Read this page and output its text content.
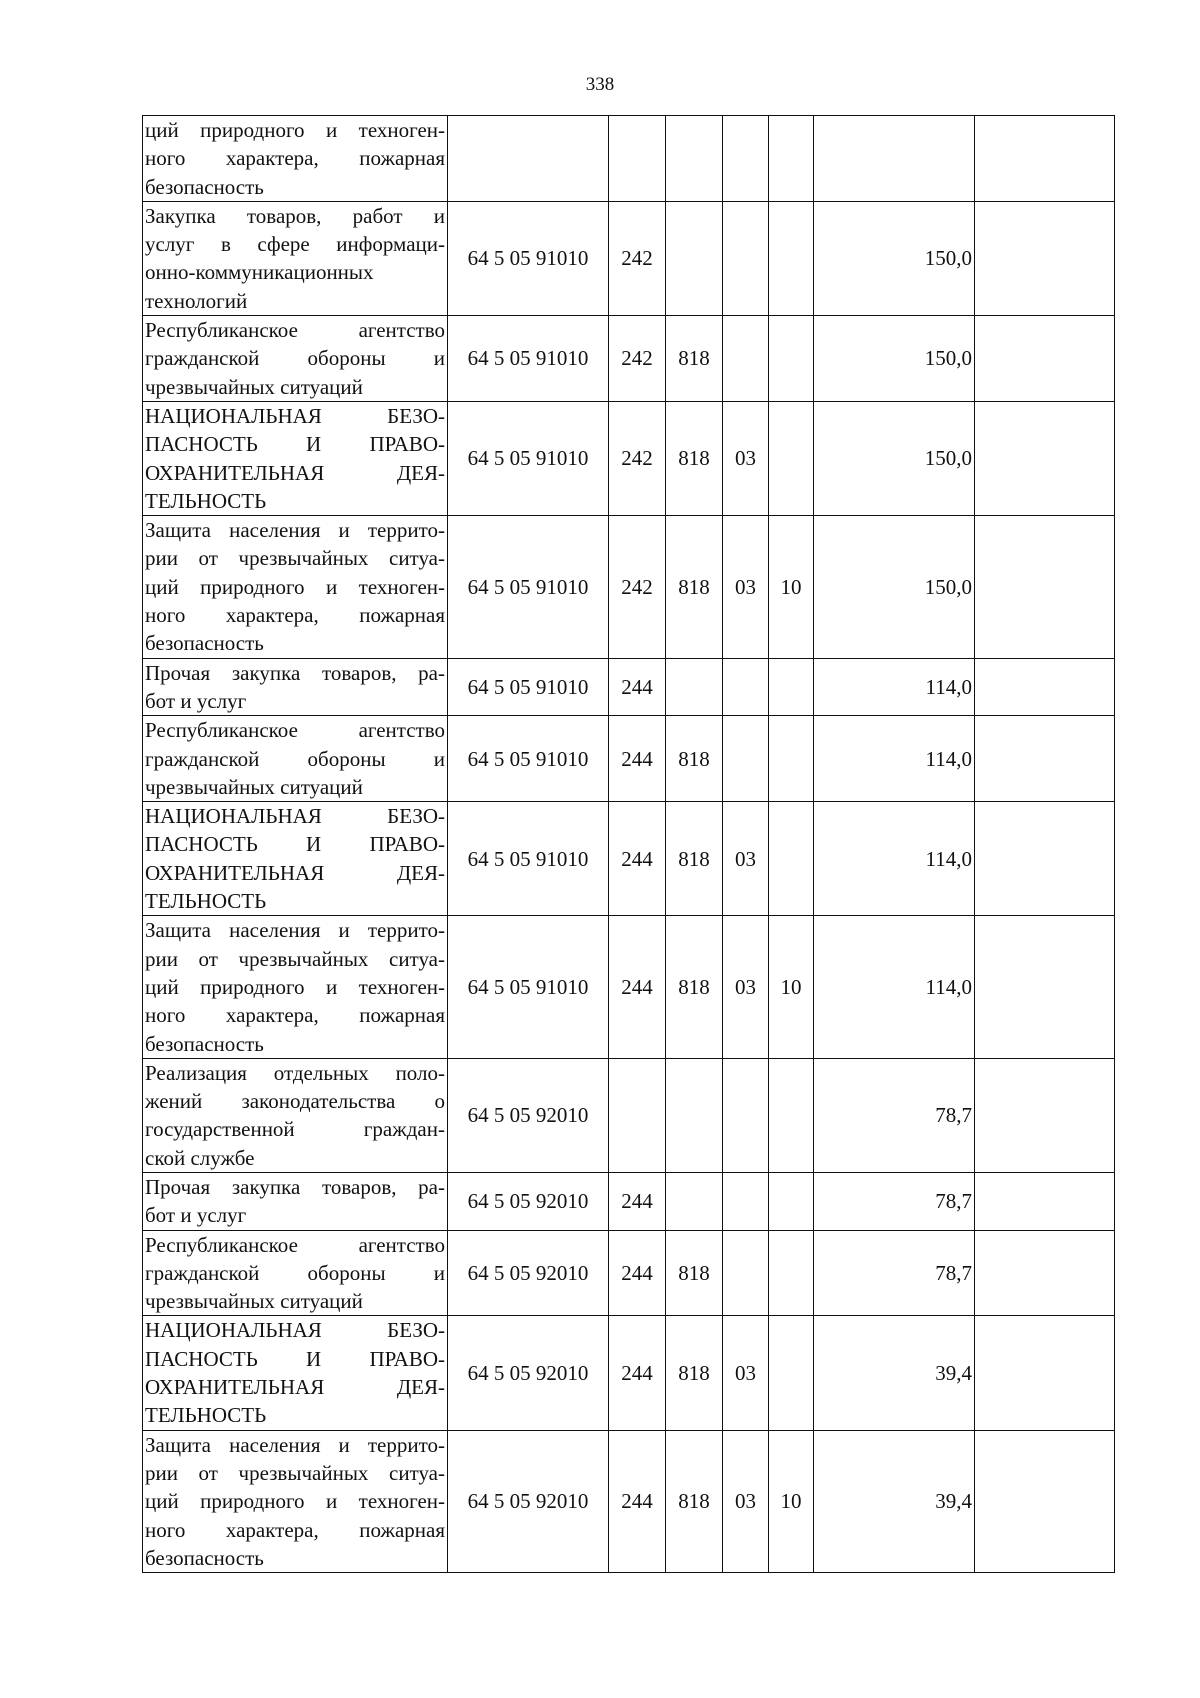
338
ций природного и техноген-
ного характера, пожарная
безопасность							

Закупка товаров, работ и
услуг в сфере информаци-
онно-коммуникационных
технологий	64 5 05 91010	242				150,0	

Республиканское агентство
гражданской обороны и
чрезвычайных ситуаций	64 5 05 91010	242	818			150,0	

НАЦИОНАЛЬНАЯ БЕЗО-
ПАСНОСТЬ И ПРАВО-
ОХРАНИТЕЛЬНАЯ ДЕЯ-
ТЕЛЬНОСТЬ	64 5 05 91010	242	818	03		150,0	

Защита населения и террито-
рии от чрезвычайных ситуа-
ций природного и техноген-
ного характера, пожарная
безопасность	64 5 05 91010	242	818	03	10	150,0	

Прочая закупка товаров, ра-
бот и услуг	64 5 05 91010	244				114,0	

Республиканское агентство
гражданской обороны и
чрезвычайных ситуаций	64 5 05 91010	244	818			114,0	

НАЦИОНАЛЬНАЯ БЕЗО-
ПАСНОСТЬ И ПРАВО-
ОХРАНИТЕЛЬНАЯ ДЕЯ-
ТЕЛЬНОСТЬ	64 5 05 91010	244	818	03		114,0	

Защита населения и террито-
рии от чрезвычайных ситуа-
ций природного и техноген-
ного характера, пожарная
безопасность	64 5 05 91010	244	818	03	10	114,0	

Реализация отдельных поло-
жений законодательства о
государственной граждан-
ской службе	64 5 05 92010					78,7	

Прочая закупка товаров, ра-
бот и услуг	64 5 05 92010	244				78,7	

Республиканское агентство
гражданской обороны и
чрезвычайных ситуаций	64 5 05 92010	244	818			78,7	

НАЦИОНАЛЬНАЯ БЕЗО-
ПАСНОСТЬ И ПРАВО-
ОХРАНИТЕЛЬНАЯ ДЕЯ-
ТЕЛЬНОСТЬ	64 5 05 92010	244	818	03		39,4	

Защита населения и террито-
рии от чрезвычайных ситуа-
ций природного и техноген-
ного характера, пожарная
безопасность	64 5 05 92010	244	818	03	10	39,4	
